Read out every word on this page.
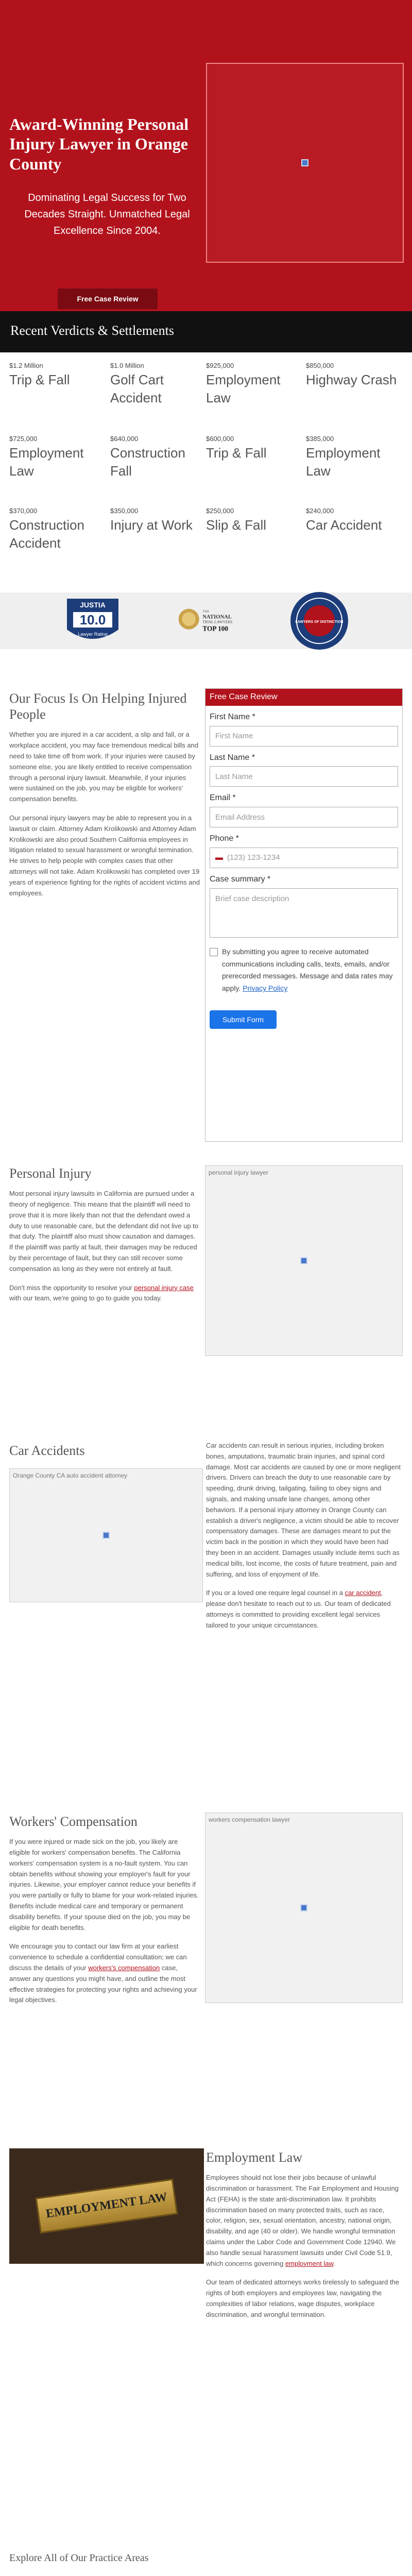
Award-Winning Personal Injury Lawyer in Orange County
Dominating Legal Success for Two Decades Straight. Unmatched Legal Excellence Since 2004.
Free Case Review
Recent Verdicts & Settlements
$1.2 Million
Trip & Fall
$1.0 Million
Golf Cart Accident
$925,000
Employment Law
$850,000
Highway Crash
$725,000
Employment Law
$640,000
Construction Fall
$600,000
Trip & Fall
$385,000
Employment Law
$370,000
Construction Accident
$350,000
Injury at Work
$250,000
Slip & Fall
$240,000
Car Accident
JUSTIA
10.0
Lawyer Rating
THE
NATIONAL
TRIAL LAWYERS
TOP 100
LAWYERS OF DISTINCTION
Our Focus Is On Helping Injured People

Whether you are injured in a car accident, a slip and fall, or a workplace accident, you may face tremendous medical bills and need to take time off from work. If your injuries were caused by someone else, you are likely entitled to receive compensation through a personal injury lawsuit. Meanwhile, if your injuries were sustained on the job, you may be eligible for workers' compensation benefits.

Our personal injury lawyers may be able to represent you in a lawsuit or claim. Attorney Adam Krolikowski and Attorney Adam Krolikowski are also proud Southern California employees in litigation related to sexual harassment or wrongful termination. He strives to help people with complex cases that other attorneys will not take. Adam Krolikowski has completed over 19 years of experience fighting for the rights of accident victims and employees.

Free Case Review
First Name *
First Name
Last Name *
Last Name
Email *
Email Address
Phone *
▬ (123) 123-1234
Case summary *
Brief case description
By submitting you agree to receive automated communications including calls, texts, emails, and/or prerecorded messages. Message and data rates may apply. Privacy Policy
Submit Form
Personal Injury

Most personal injury lawsuits in California are pursued under a theory of negligence. This means that the plaintiff will need to prove that it is more likely than not that the defendant owed a duty to use reasonable care, but the defendant did not live up to that duty. The plaintiff also must show causation and damages. If the plaintiff was partly at fault, their damages may be reduced by their percentage of fault, but they can still recover some compensation as long as they were not entirely at fault.

Don't miss the opportunity to resolve your personal injury case with our team, we're going to go to guide you today.

personal injury lawyer
Car Accidents
Orange County CA auto accident attorney

Car accidents can result in serious injuries, including broken bones, amputations, traumatic brain injuries, and spinal cord damage. Most car accidents are caused by one or more negligent drivers. Drivers can breach the duty to use reasonable care by speeding, drunk driving, tailgating, failing to obey signs and signals, and making unsafe lane changes, among other behaviors. If a personal injury attorney in Orange County can establish a driver's negligence, a victim should be able to recover compensatory damages. These are damages meant to put the victim back in the position in which they would have been had they been in an accident. Damages usually include items such as medical bills, lost income, the costs of future treatment, pain and suffering, and loss of enjoyment of life.

If you or a loved one require legal counsel in a car accident, please don't hesitate to reach out to us. Our team of dedicated attorneys is committed to providing excellent legal services tailored to your unique circumstances.

Workers' Compensation

If you were injured or made sick on the job, you likely are eligible for workers' compensation benefits. The California workers' compensation system is a no-fault system. You can obtain benefits without showing your employer's fault for your injuries. Likewise, your employer cannot reduce your benefits if you were partially or fully to blame for your work-related injuries. Benefits include medical care and temporary or permanent disability benefits. If your spouse died on the job, you may be eligible for death benefits.

We encourage you to contact our law firm at your earliest convenience to schedule a confidential consultation; we can discuss the details of your workers's compensation case, answer any questions you might have, and outline the most effective strategies for protecting your rights and achieving your legal objectives.

workers compensation lawyer
EMPLOYMENT LAW
Employment Law

Employees should not lose their jobs because of unlawful discrimination or harassment. The Fair Employment and Housing Act (FEHA) is the state anti-discrimination law. It prohibits discrimination based on many protected traits, such as race, color, religion, sex, sexual orientation, ancestry, national origin, disability, and age (40 or older). We handle wrongful termination claims under the Labor Code and Government Code 12940. We also handle sexual harassment lawsuits under Civil Code 51.9, which concerns governing employment law.

Our team of dedicated attorneys works tirelessly to safeguard the rights of both employers and employees law, navigating the complexities of labor relations, wage disputes, workplace discrimination, and wrongful termination.

Explore All of Our Practice Areas
